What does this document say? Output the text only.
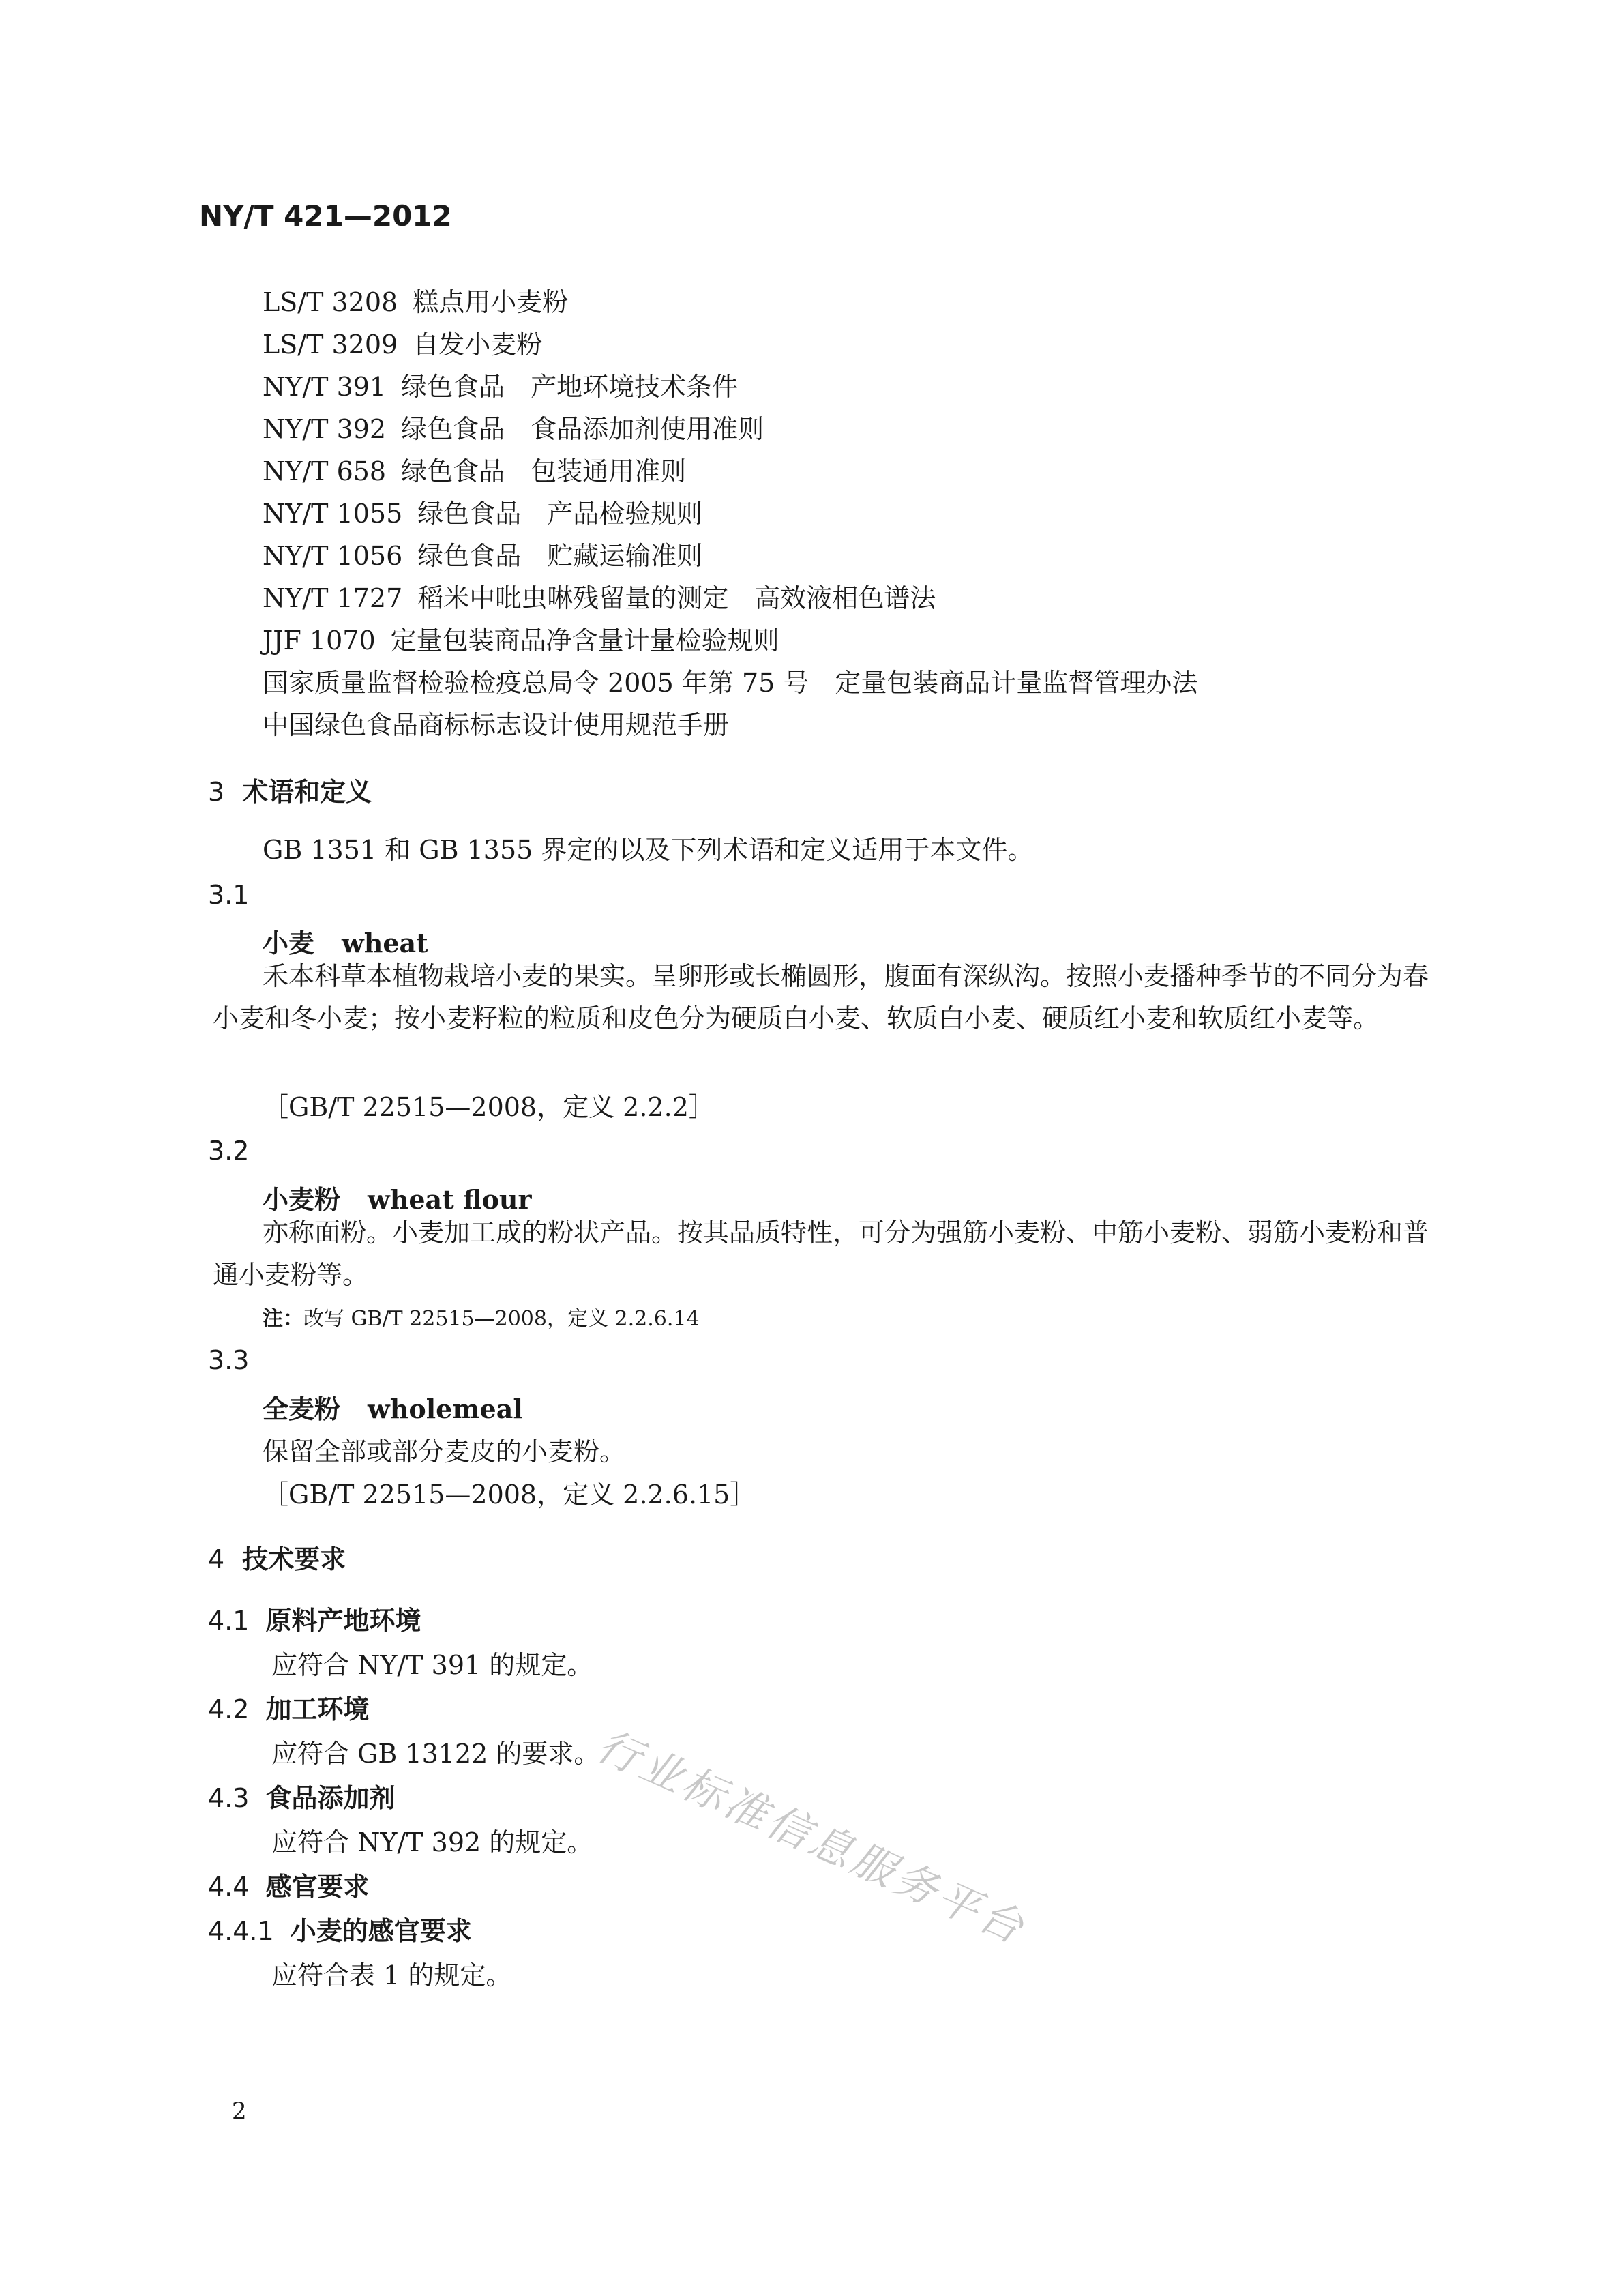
NY/T 421—2012
LS/T 3208 糕点用小麦粉
LS/T 3209 自发小麦粉
NY/T 391 绿色食品　产地环境技术条件
NY/T 392 绿色食品　食品添加剂使用准则
NY/T 658 绿色食品　包装通用准则
NY/T 1055 绿色食品　产品检验规则
NY/T 1056 绿色食品　贮藏运输准则
NY/T 1727 稻米中吡虫啉残留量的测定　高效液相色谱法
JJF 1070 定量包装商品净含量计量检验规则
国家质量监督检验检疫总局令 2005 年第 75 号　定量包装商品计量监督管理办法
中国绿色食品商标标志设计使用规范手册
3 术语和定义
GB 1351 和 GB 1355 界定的以及下列术语和定义适用于本文件。
3.1
小麦 wheat
禾本科草本植物栽培小麦的果实。呈卵形或长椭圆形，腹面有深纵沟。按照小麦播种季节的不同分为春小麦和冬小麦；按小麦籽粒的粒质和皮色分为硬质白小麦、软质白小麦、硬质红小麦和软质红小麦等。
［GB/T 22515—2008，定义 2.2.2］
3.2
小麦粉 wheat flour
亦称面粉。小麦加工成的粉状产品。按其品质特性，可分为强筋小麦粉、中筋小麦粉、弱筋小麦粉和普通小麦粉等。
注：改写 GB/T 22515—2008，定义 2.2.6.14
3.3
全麦粉 wholemeal
保留全部或部分麦皮的小麦粉。
［GB/T 22515—2008，定义 2.2.6.15］
4 技术要求
4.1 原料产地环境
应符合 NY/T 391 的规定。
4.2 加工环境
应符合 GB 13122 的要求。
4.3 食品添加剂
应符合 NY/T 392 的规定。
4.4 感官要求
4.4.1 小麦的感官要求
应符合表 1 的规定。
行业标准信息服务平台
2
